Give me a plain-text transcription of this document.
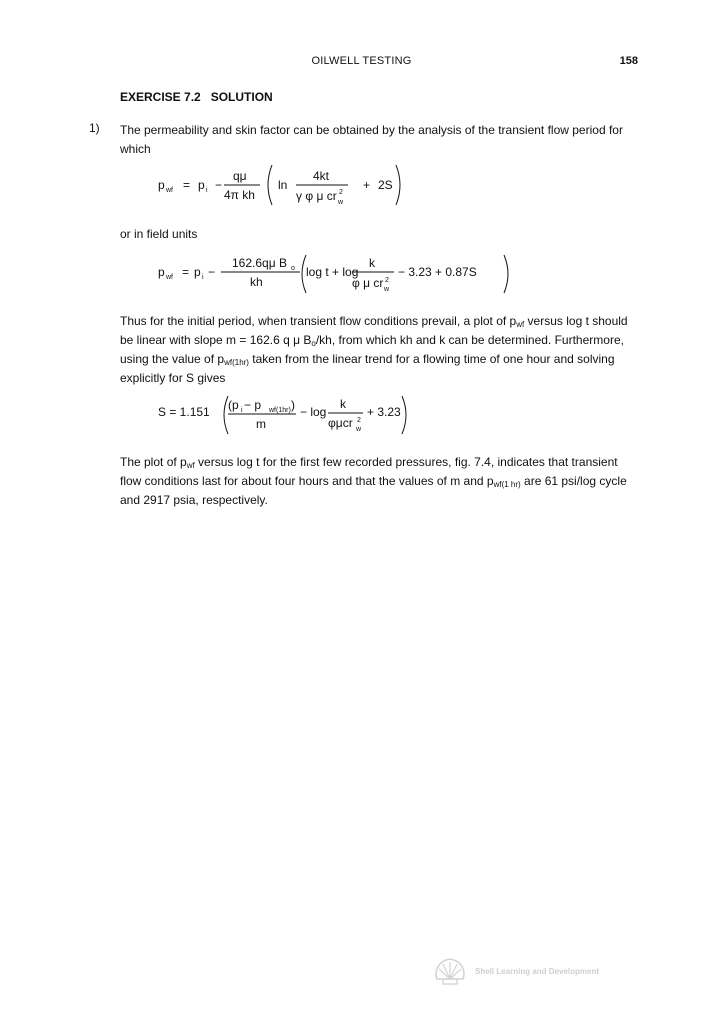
OILWELL TESTING	158
EXERCISE 7.2 SOLUTION
1) The permeability and skin factor can be obtained by the analysis of the transient flow period for which
p wf = p i −
qμ
4π kh
ln
4kt
γ φ μ cr 2
w
+ 2S
or in field units
p wf = p i −
162.6qμ B o
kh
log t + log
k
φ μ cr 2
w
− 3.23 + 0.87S
Thus for the initial period, when transient flow conditions prevail, a plot of $p_{wf}$ versus log t should be linear with slope m = 162.6 q μ $B_o/kh$, from which kh and k can be determined. Furthermore, using the value of $p_{wf(1hr)}$ taken from the linear trend for a flowing time of one hour and solving explicitly for S gives
S = 1.151 (p i − p wf(1hr) )
m
− log
k
φμcr 2
w
+ 3.23
The plot of $p_{wf}$ versus log t for the first few recorded pressures, fig. 7.4, indicates that transient flow conditions last for about four hours and that the values of m and $p_{wf(1 hr)}$ are 61 psi/log cycle and 2917 psia, respectively.
Shell Learning and Development
